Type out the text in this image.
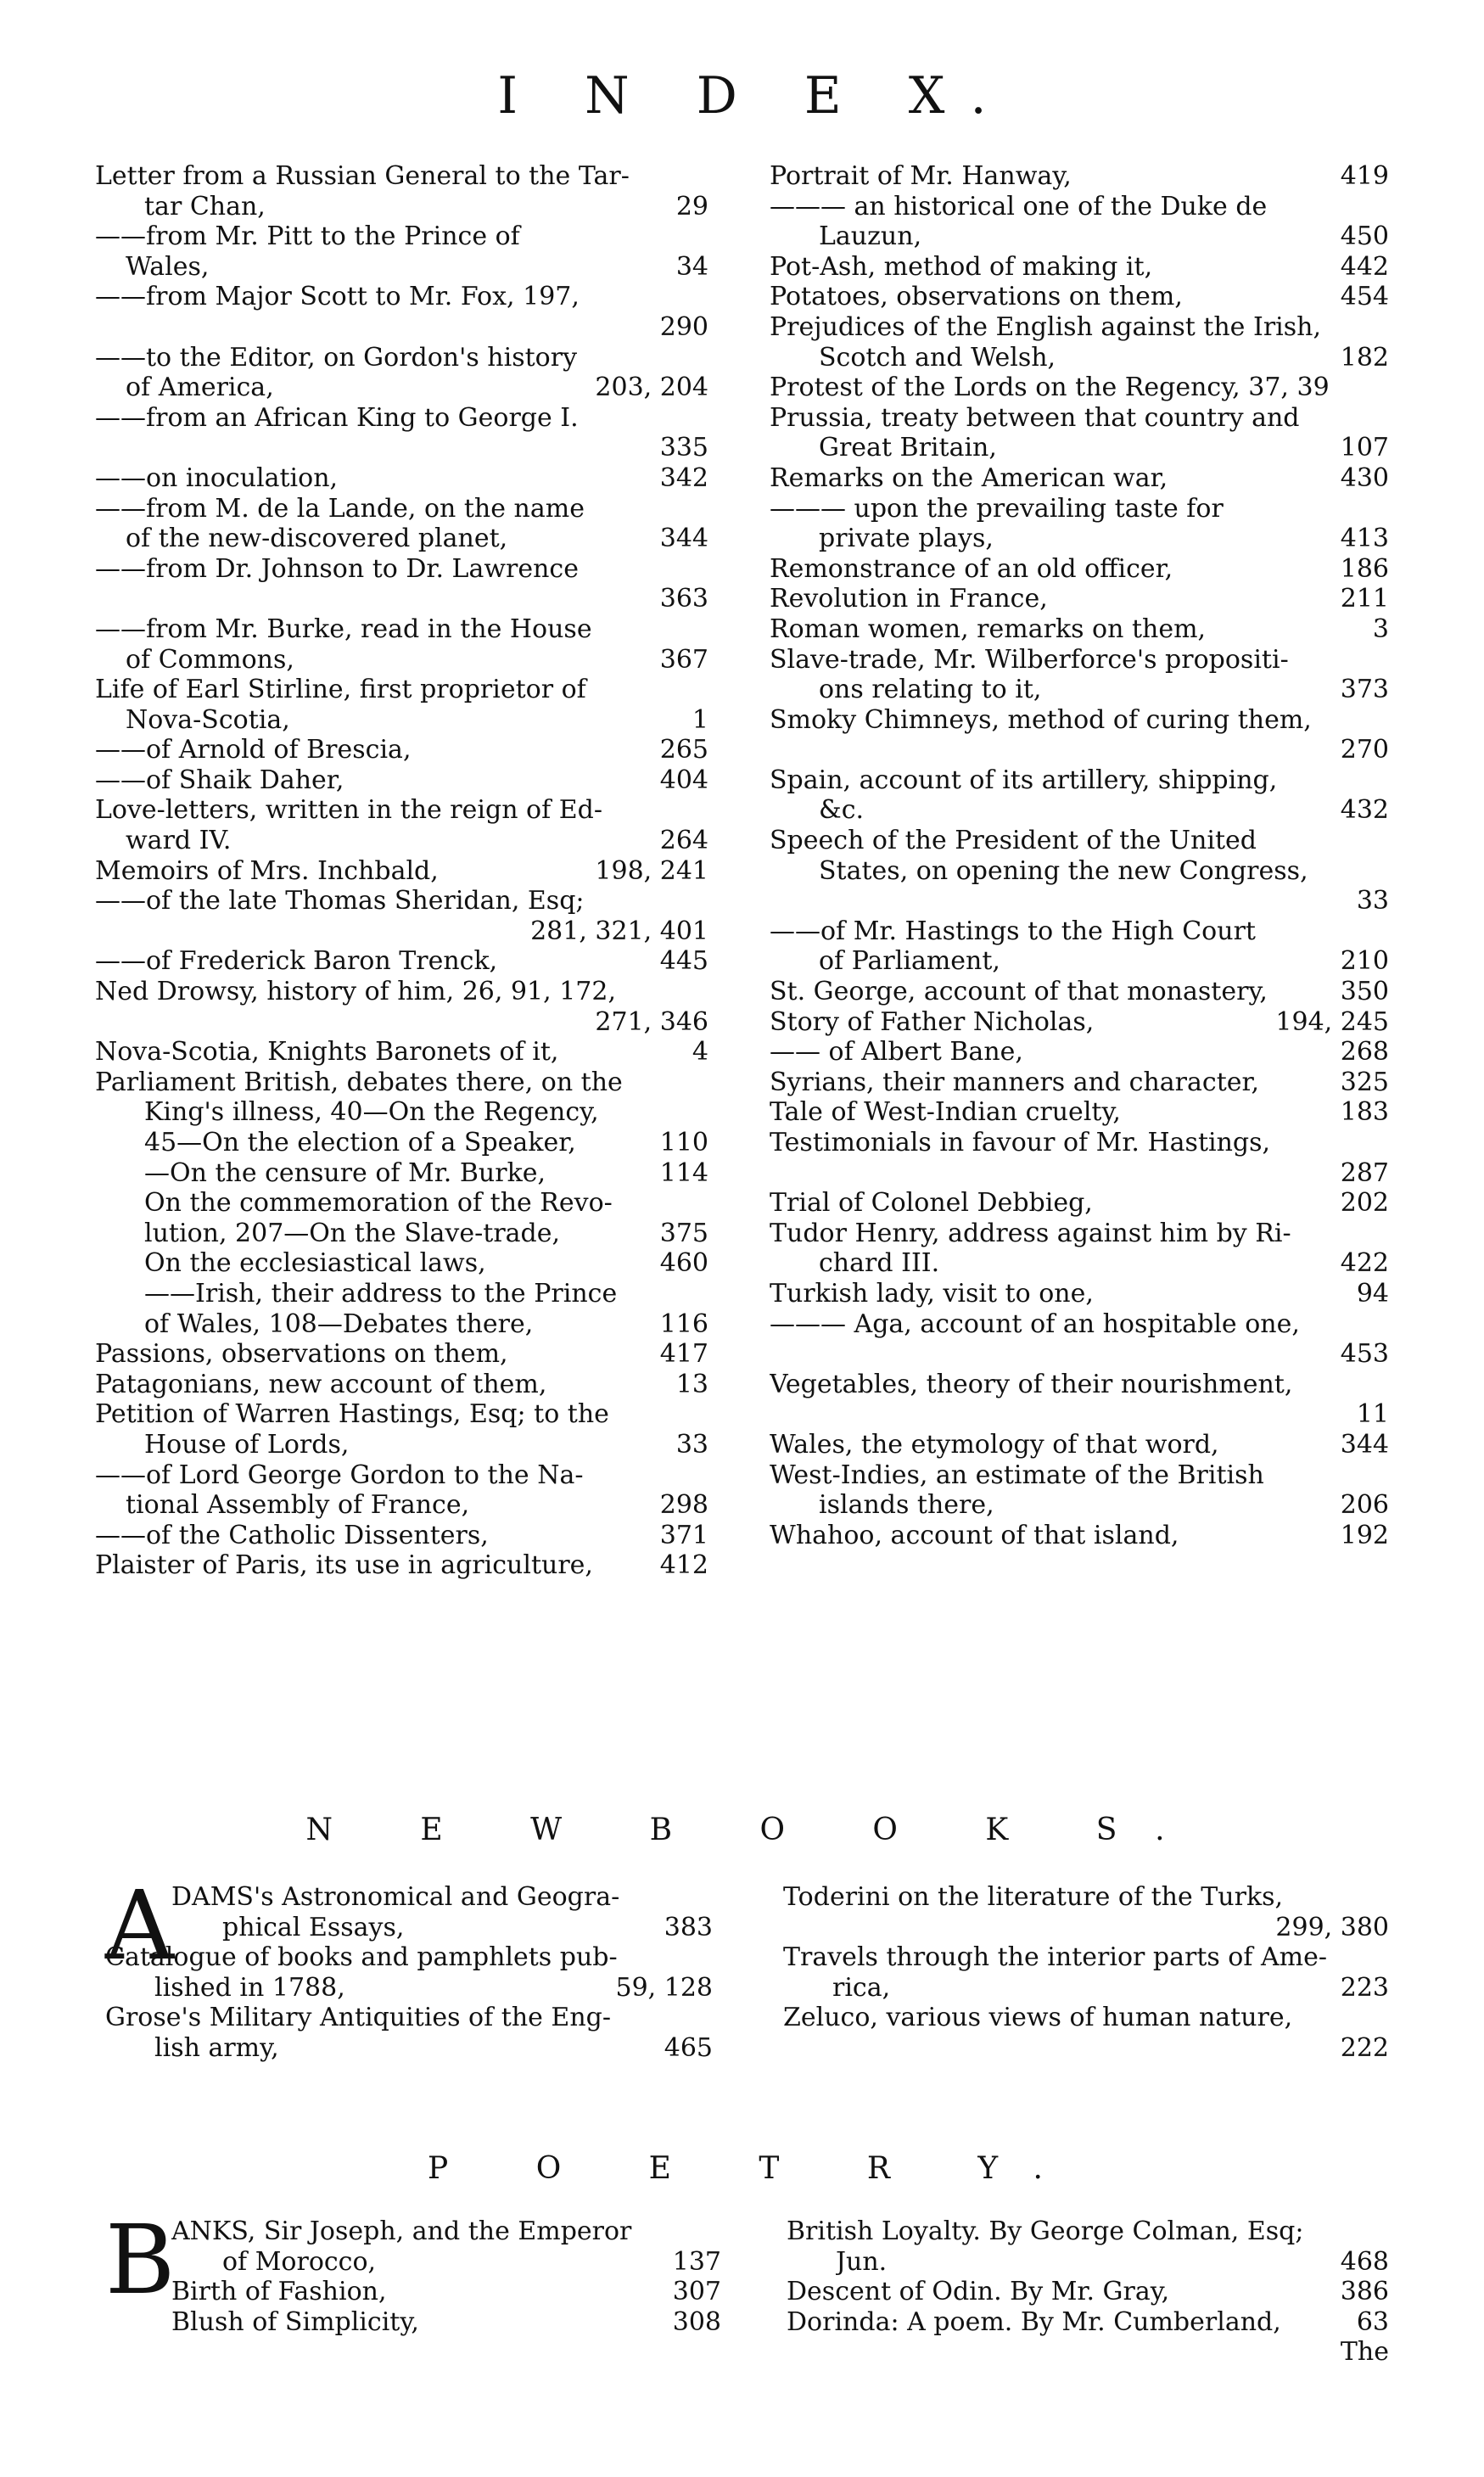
I N D E X.
Letter from a Russian General to the Tar-
tar Chan,	29
——from Mr. Pitt to the Prince of
Wales,	34
——from Major Scott to Mr. Fox, 197,
290
——to the Editor, on Gordon's history
of America,	203, 204
——from an African King to George I.
335
——on inoculation,	342
——from M. de la Lande, on the name
of the new-discovered planet,	344
——from Dr. Johnson to Dr. Lawrence
363
——from Mr. Burke, read in the House
of Commons,	367
Life of Earl Stirline, first proprietor of
Nova-Scotia,	1
——of Arnold of Brescia,	265
——of Shaik Daher,	404
Love-letters, written in the reign of Ed-
ward IV.	264
Memoirs of Mrs. Inchbald,	198, 241
——of the late Thomas Sheridan, Esq;
281, 321, 401
——of Frederick Baron Trenck,	445
Ned Drowsy, history of him, 26, 91, 172,
271, 346
Nova-Scotia, Knights Baronets of it,	4
Parliament British, debates there, on the
King's illness, 40—On the Regency,
45—On the election of a Speaker,	110
—On the censure of Mr. Burke,	114
On the commemoration of the Revo-
lution, 207—On the Slave-trade,	375
On the ecclesiastical laws,	460
——Irish, their address to the Prince
of Wales, 108—Debates there,	116
Passions, observations on them,	417
Patagonians, new account of them,	13
Petition of Warren Hastings, Esq; to the
House of Lords,	33
——of Lord George Gordon to the Na-
tional Assembly of France,	298
——of the Catholic Dissenters,	371
Plaister of Paris, its use in agriculture,	412
Portrait of Mr. Hanway,	419
——— an historical one of the Duke de
Lauzun,	450
Pot-Ash, method of making it,	442
Potatoes, observations on them,	454
Prejudices of the English against the Irish,
Scotch and Welsh,	182
Protest of the Lords on the Regency, 37, 39
Prussia, treaty between that country and
Great Britain,	107
Remarks on the American war,	430
——— upon the prevailing taste for
private plays,	413
Remonstrance of an old officer,	186
Revolution in France,	211
Roman women, remarks on them,	3
Slave-trade, Mr. Wilberforce's propositi-
ons relating to it,	373
Smoky Chimneys, method of curing them,
270
Spain, account of its artillery, shipping,
&c.	432
Speech of the President of the United
States, on opening the new Congress,
33
——of Mr. Hastings to the High Court
of Parliament,	210
St. George, account of that monastery,	350
Story of Father Nicholas,	194, 245
—— of Albert Bane,	268
Syrians, their manners and character,	325
Tale of West-Indian cruelty,	183
Testimonials in favour of Mr. Hastings,
287
Trial of Colonel Debbieg,	202
Tudor Henry, address against him by Ri-
chard III.	422
Turkish lady, visit to one,	94
——— Aga, account of an hospitable one,
453
Vegetables, theory of their nourishment,
11
Wales, the etymology of that word,	344
West-Indies, an estimate of the British
islands there,	206
Whahoo, account of that island,	192
N E W B O O K S.
A
DAMS's Astronomical and Geogra-
phical Essays,	383
Catalogue of books and pamphlets pub-
lished in 1788,	59, 128
Grose's Military Antiquities of the Eng-
lish army,	465
Toderini on the literature of the Turks,
299, 380
Travels through the interior parts of Ame-
rica,	223
Zeluco, various views of human nature,
222
P O E T R Y.
B
ANKS, Sir Joseph, and the Emperor
of Morocco,	137
Birth of Fashion,	307
Blush of Simplicity,	308
British Loyalty. By George Colman, Esq;
Jun.	468
Descent of Odin. By Mr. Gray,	386
Dorinda: A poem. By Mr. Cumberland,	63
The
